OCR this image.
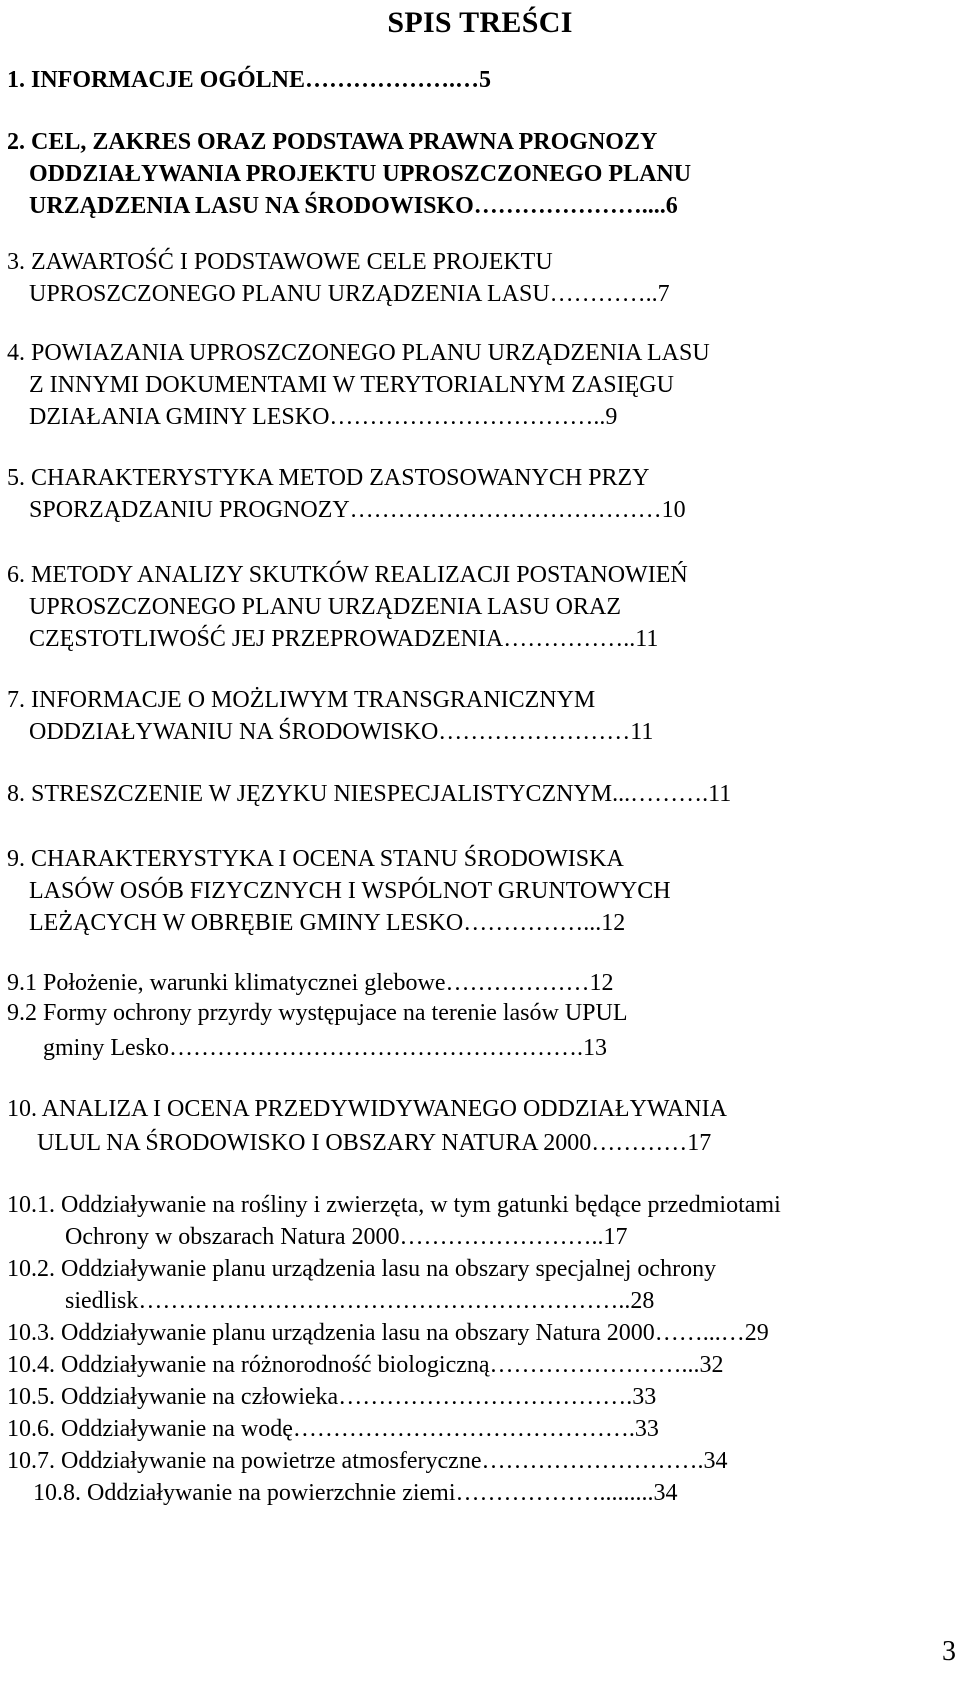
SPIS TREŚCI
1. INFORMACJE OGÓLNE……………….…5
2. CEL, ZAKRES ORAZ PODSTAWA PRAWNA PROGNOZY
ODDZIAŁYWANIA PROJEKTU UPROSZCZONEGO PLANU
URZĄDZENIA LASU NA ŚRODOWISKO…………………....6
3. ZAWARTOŚĆ I PODSTAWOWE CELE PROJEKTU
UPROSZCZONEGO PLANU URZĄDZENIA LASU…………..7
4. POWIAZANIA UPROSZCZONEGO PLANU URZĄDZENIA LASU
Z INNYMI DOKUMENTAMI W TERYTORIALNYM ZASIĘGU
DZIAŁANIA GMINY LESKO……………………………..9
5. CHARAKTERYSTYKA METOD ZASTOSOWANYCH PRZY
SPORZĄDZANIU PROGNOZY…………………………………10
6. METODY ANALIZY SKUTKÓW REALIZACJI POSTANOWIEŃ
UPROSZCZONEGO PLANU URZĄDZENIA LASU ORAZ
CZĘSTOTLIWOŚĆ JEJ PRZEPROWADZENIA……………..11
7. INFORMACJE O MOŻLIWYM TRANSGRANICZNYM
ODDZIAŁYWANIU NA ŚRODOWISKO……………………11
8. STRESZCZENIE W JĘZYKU NIESPECJALISTYCZNYM...……….11
9. CHARAKTERYSTYKA I OCENA STANU ŚRODOWISKA
LASÓW OSÓB FIZYCZNYCH I WSPÓLNOT GRUNTOWYCH
LEŻĄCYCH W OBRĘBIE GMINY LESKO……………...12
9.1 Położenie, warunki klimatycznei glebowe………………12
9.2 Formy ochrony przyrdy występujace na terenie lasów UPUL
gminy Lesko…………………………………………….13
10. ANALIZA I OCENA PRZEDYWIDYWANEGO ODDZIAŁYWANIA
ULUL NA ŚRODOWISKO I OBSZARY NATURA 2000…………17
10.1. Oddziaływanie na rośliny i zwierzęta, w tym gatunki będące przedmiotami
Ochrony w obszarach Natura 2000……………………..17
10.2. Oddziaływanie planu urządzenia lasu na obszary specjalnej ochrony
siedlisk……………………………………………………..28
10.3. Oddziaływanie planu urządzenia lasu na obszary Natura 2000……...…29
10.4. Oddziaływanie na różnorodność biologiczną……………………...32
10.5. Oddziaływanie na człowieka……………………………….33
10.6. Oddziaływanie na wodę…………………………………….33
10.7. Oddziaływanie na powietrze atmosferyczne……………………….34
10.8. Oddziaływanie na powierzchnie ziemi……………….........34
3
